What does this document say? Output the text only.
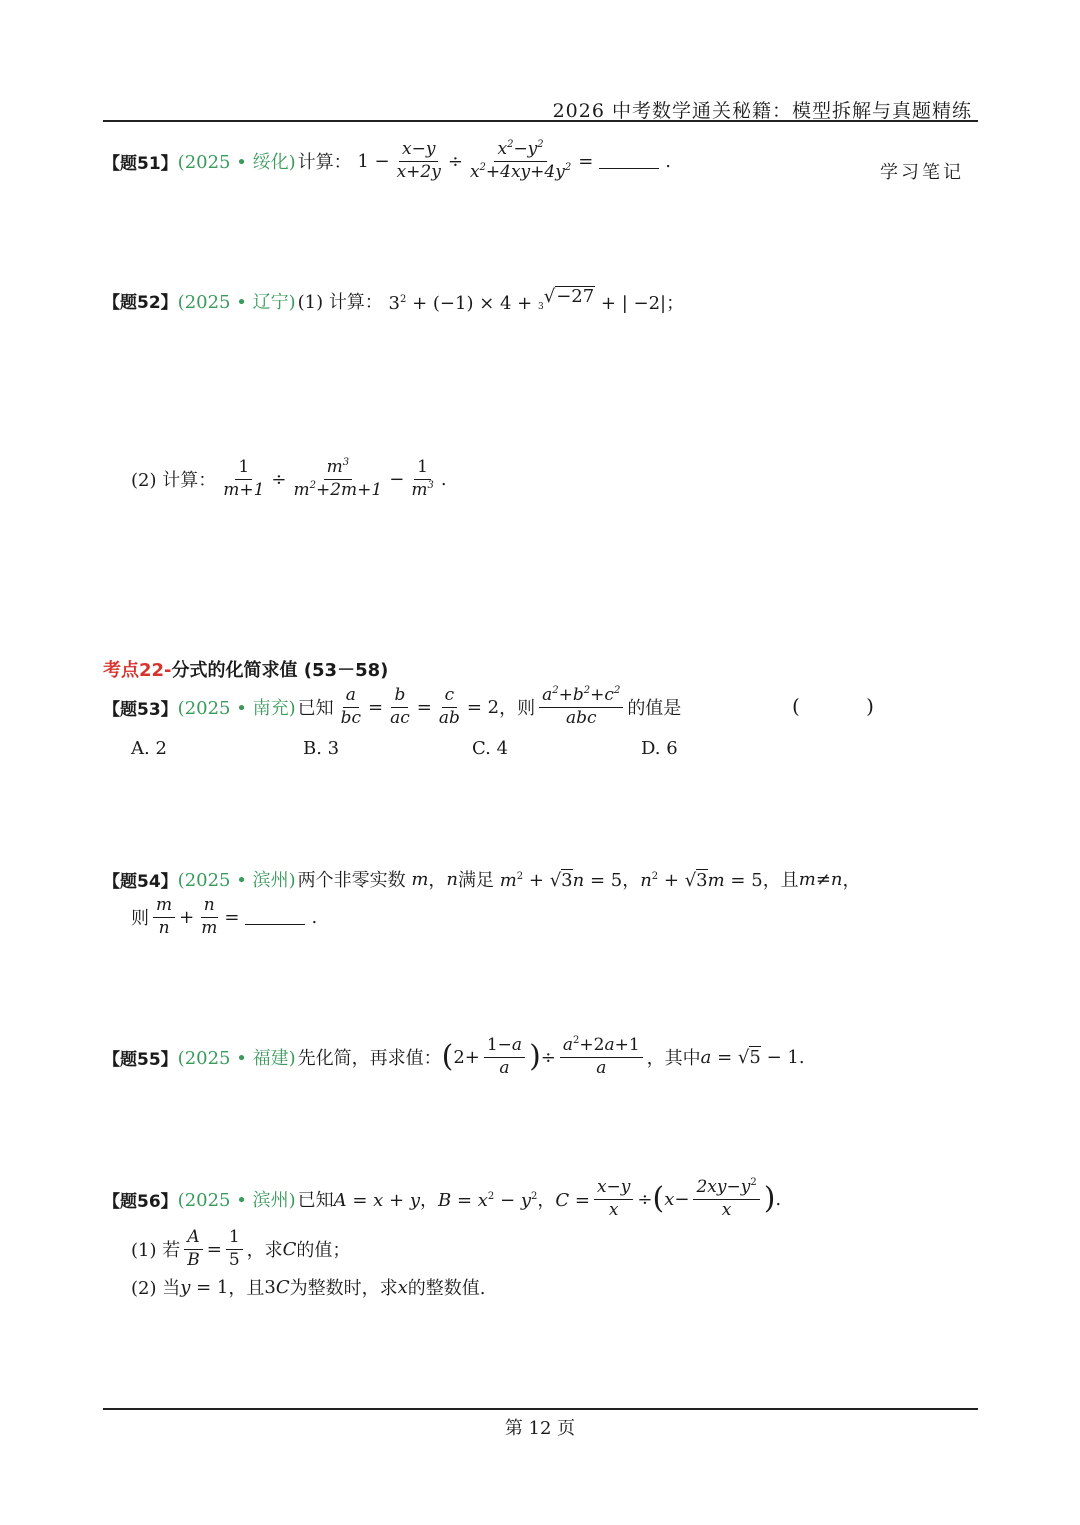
2026 中考数学通关秘籍：模型拆解与真题精练
学习笔记
【题51】 (2025 • 绥化) 计算： $1 - \frac{x-y}{x+2y} \div \frac{x^2-y^2}{x^2+4xy+4y^2}$ =	.
【题52】 (2025 • 辽宁) (1) 计算： $3^2 + (-1) \times 4 + 3$ √ −27 + | −2|；
(2) 计算： $\frac{1}{m+1} \div \frac{m^3}{m^2+2m+1} - \frac{1}{m^3}$ .
考点22-分式的化简求值 (53－58)
【题53】 (2025 • 南充) 已知 $\frac{a}{bc} = \frac{b}{ac} = \frac{c}{ab} = 2$ ，则 $\frac{a^2+b^2+c^2}{\text{abc}}$ 的值是	( )
A. 2	B. 3	C. 4	D. 6
【题54】 (2025 • 滨州) 两个非零实数 m ， n 满足 $m^2 + √3n = 5$，$n^2 + √3m = 5$ ，且 m ≠ n ，
则 $\frac{m}{n} + \frac{n}{m}$ =	.
【题55】 (2025 • 福建) 先化简，再求值： ( $2+ \frac{1-a}{a}$ ) ÷ $\frac{a^2+2a+1}{a}$ ，其中 a = √5 − 1.
【题56】 (2025 • 滨州) 已知 A = x + y，$B = x^2 - y^2$，$C = \frac{x-y}{x}$ ÷ ( $x - \frac{2xy-y^2}{x}$ ) .
(1) 若 $\frac{A}{B} = \frac{1}{5}$ ，求 C 的值；
(2) 当 y = 1 ，且 3C 为整数时，求 x 的整数值.
第 12 页
